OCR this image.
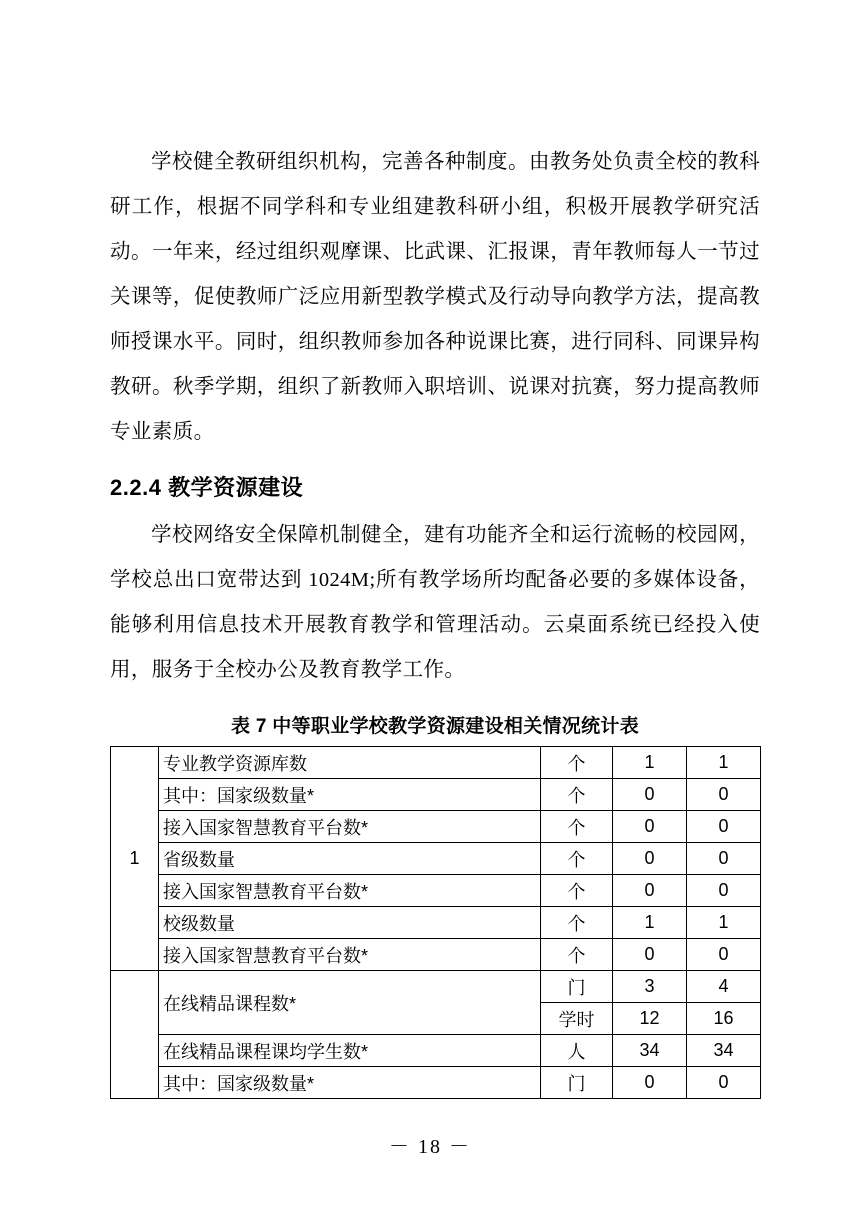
学校健全教研组织机构，完善各种制度。由教务处负责全校的教科研工作，根据不同学科和专业组建教科研小组，积极开展教学研究活动。一年来，经过组织观摩课、比武课、汇报课，青年教师每人一节过关课等，促使教师广泛应用新型教学模式及行动导向教学方法，提高教师授课水平。同时，组织教师参加各种说课比赛，进行同科、同课异构教研。秋季学期，组织了新教师入职培训、说课对抗赛，努力提高教师专业素质。

2.2.4 教学资源建设

学校网络安全保障机制健全，建有功能齐全和运行流畅的校园网，学校总出口宽带达到 1024M;所有教学场所均配备必要的多媒体设备，能够利用信息技术开展教育教学和管理活动。云桌面系统已经投入使用，服务于全校办公及教育教学工作。

表 7 中等职业学校教学资源建设相关情况统计表
1	专业教学资源库数	个	1	1
	其中：国家级数量*	个	0	0
	接入国家智慧教育平台数*	个	0	0
	省级数量	个	0	0
	接入国家智慧教育平台数*	个	0	0
	校级数量	个	1	1
	接入国家智慧教育平台数*	个	0	0
	在线精品课程数*	门	3	4
		学时	12	16
	在线精品课程课均学生数*	人	34	34
	其中：国家级数量*	门	0	0
－ 18 －
